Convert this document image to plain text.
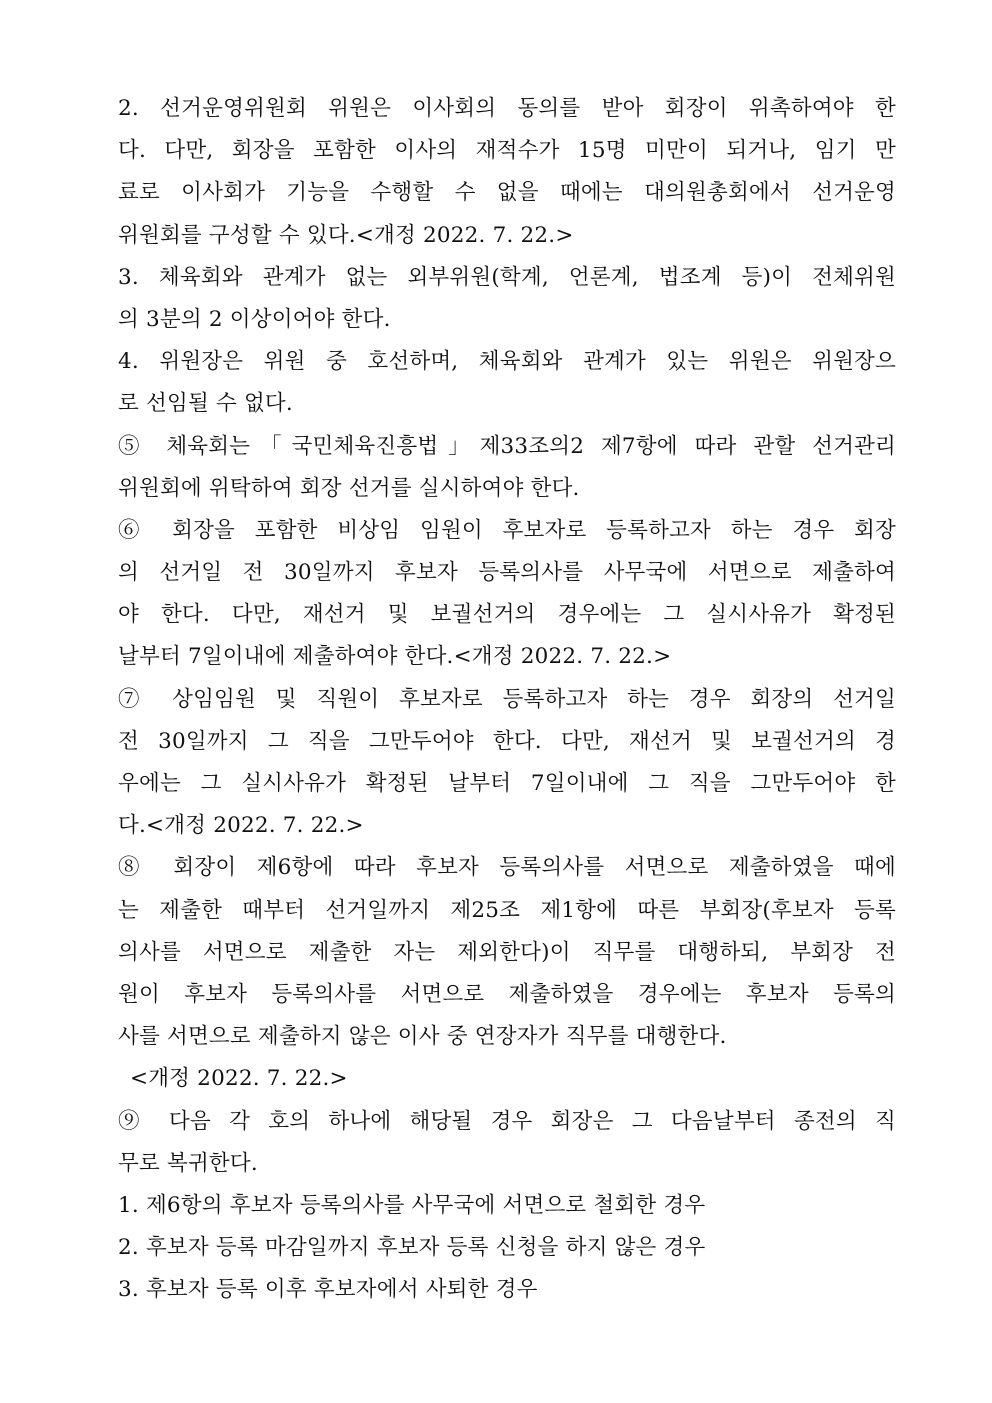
2. 선거운영위원회 위원은 이사회의 동의를 받아 회장이 위촉하여야 한
다. 다만, 회장을 포함한 이사의 재적수가 15명 미만이 되거나, 임기 만
료로 이사회가 기능을 수행할 수 없을 때에는 대의원총회에서 선거운영
위원회를 구성할 수 있다.<개정 2022. 7. 22.>
3. 체육회와 관계가 없는 외부위원(학계, 언론계, 법조계 등)이 전체위원
의 3분의 2 이상이어야 한다.
4. 위원장은 위원 중 호선하며, 체육회와 관계가 있는 위원은 위원장으
로 선임될 수 없다.
⑤ 체육회는「국민체육진흥법」제33조의2 제7항에 따라 관할 선거관리
위원회에 위탁하여 회장 선거를 실시하여야 한다.
⑥ 회장을 포함한 비상임 임원이 후보자로 등록하고자 하는 경우 회장
의 선거일 전 30일까지 후보자 등록의사를 사무국에 서면으로 제출하여
야 한다. 다만, 재선거 및 보궐선거의 경우에는 그 실시사유가 확정된
날부터 7일이내에 제출하여야 한다.<개정 2022. 7. 22.>
⑦ 상임임원 및 직원이 후보자로 등록하고자 하는 경우 회장의 선거일
전 30일까지 그 직을 그만두어야 한다. 다만, 재선거 및 보궐선거의 경
우에는 그 실시사유가 확정된 날부터 7일이내에 그 직을 그만두어야 한
다.<개정 2022. 7. 22.>
⑧ 회장이 제6항에 따라 후보자 등록의사를 서면으로 제출하였을 때에
는 제출한 때부터 선거일까지 제25조 제1항에 따른 부회장(후보자 등록
의사를 서면으로 제출한 자는 제외한다)이 직무를 대행하되, 부회장 전
원이 후보자 등록의사를 서면으로 제출하였을 경우에는 후보자 등록의
사를 서면으로 제출하지 않은 이사 중 연장자가 직무를 대행한다.
<개정 2022. 7. 22.>
⑨ 다음 각 호의 하나에 해당될 경우 회장은 그 다음날부터 종전의 직
무로 복귀한다.
1. 제6항의 후보자 등록의사를 사무국에 서면으로 철회한 경우
2. 후보자 등록 마감일까지 후보자 등록 신청을 하지 않은 경우
3. 후보자 등록 이후 후보자에서 사퇴한 경우
